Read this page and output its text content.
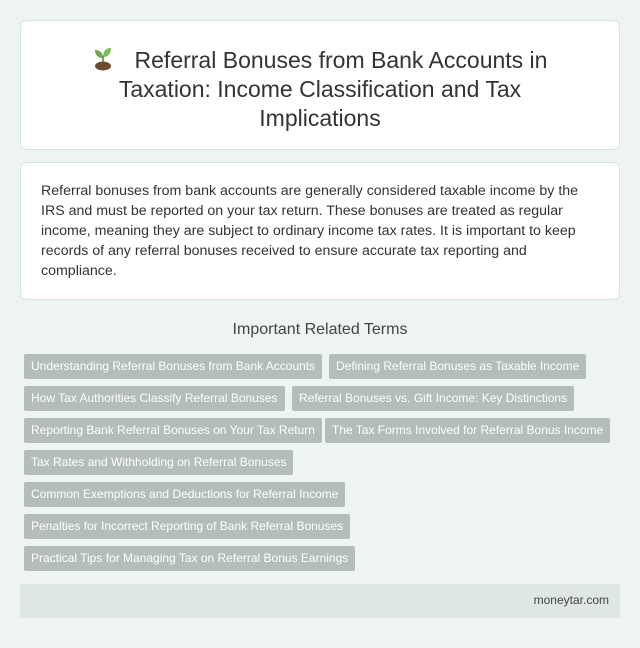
Referral Bonuses from Bank Accounts in Taxation: Income Classification and Tax Implications

Referral bonuses from bank accounts are generally considered taxable income by the IRS and must be reported on your tax return. These bonuses are treated as regular income, meaning they are subject to ordinary income tax rates. It is important to keep records of any referral bonuses received to ensure accurate tax reporting and compliance.

Important Related Terms
Understanding Referral Bonuses from Bank Accounts	Defining Referral Bonuses as Taxable Income
How Tax Authorities Classify Referral Bonuses	Referral Bonuses vs. Gift Income: Key Distinctions
Reporting Bank Referral Bonuses on Your Tax Return	The Tax Forms Involved for Referral Bonus Income
Tax Rates and Withholding on Referral Bonuses
Common Exemptions and Deductions for Referral Income
Penalties for Incorrect Reporting of Bank Referral Bonuses
Practical Tips for Managing Tax on Referral Bonus Earnings
moneytar.com
